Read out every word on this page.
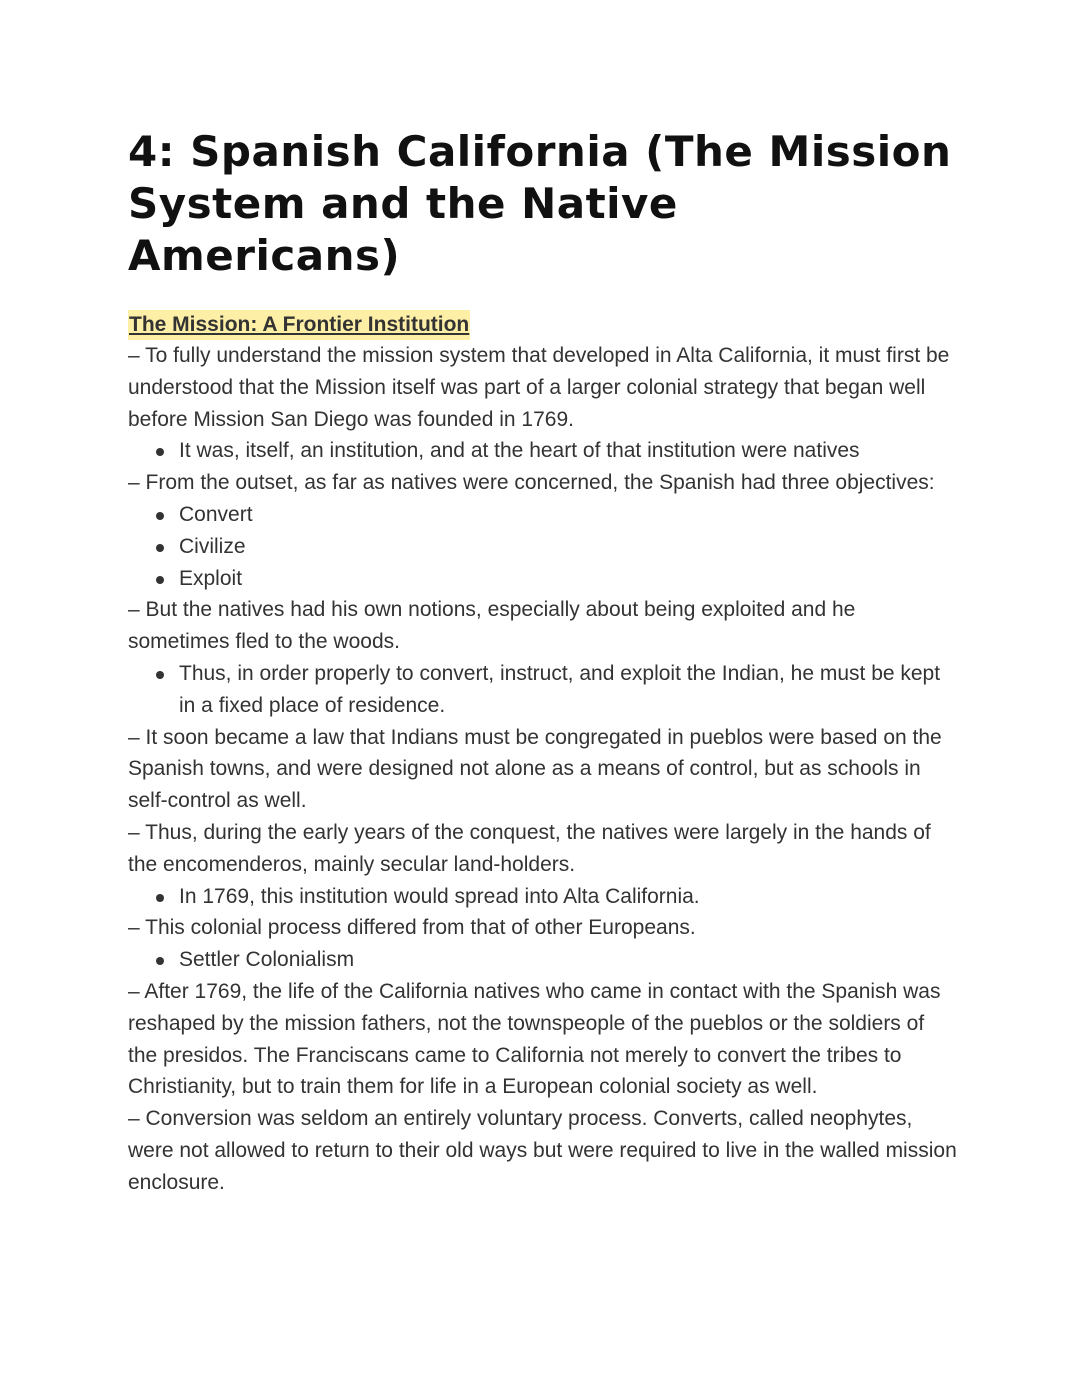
4: Spanish California (The Mission System and the Native Americans)
The Mission: A Frontier Institution

– To fully understand the mission system that developed in Alta California, it must first be understood that the Mission itself was part of a larger colonial strategy that began well before Mission San Diego was founded in 1769.

It was, itself, an institution, and at the heart of that institution were natives

– From the outset, as far as natives were concerned, the Spanish had three objectives:

Convert
Civilize
Exploit

– But the natives had his own notions, especially about being exploited and he sometimes fled to the woods.

Thus, in order properly to convert, instruct, and exploit the Indian, he must be kept in a fixed place of residence.

– It soon became a law that Indians must be congregated in pueblos were based on the Spanish towns, and were designed not alone as a means of control, but as schools in self-control as well.

– Thus, during the early years of the conquest, the natives were largely in the hands of the encomenderos, mainly secular land-holders.

In 1769, this institution would spread into Alta California.

– This colonial process differed from that of other Europeans.

Settler Colonialism

– After 1769, the life of the California natives who came in contact with the Spanish was reshaped by the mission fathers, not the townspeople of the pueblos or the soldiers of the presidos. The Franciscans came to California not merely to convert the tribes to Christianity, but to train them for life in a European colonial society as well.

– Conversion was seldom an entirely voluntary process. Converts, called neophytes, were not allowed to return to their old ways but were required to live in the walled mission enclosure.
